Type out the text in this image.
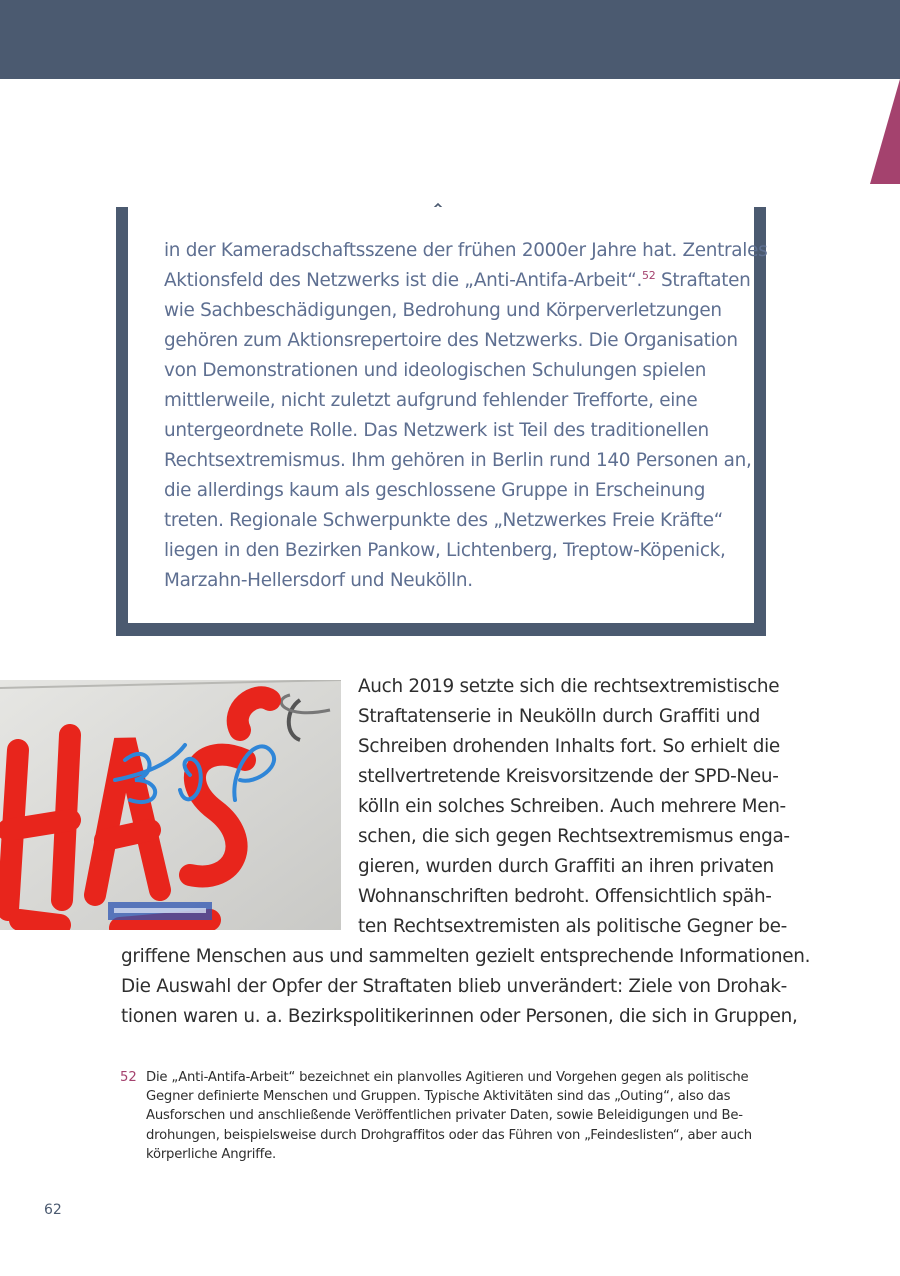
in der Kameradschaftsszene der frühen 2000er Jahre hat. Zentrales
Aktionsfeld des Netzwerks ist die „Anti-Antifa-Arbeit“.$^{52}$ Straftaten
wie Sachbeschädigungen, Bedrohung und Körperverletzungen
gehören zum Aktionsrepertoire des Netzwerks. Die Organisation
von Demonstrationen und ideologischen Schulungen spielen
mittlerweile, nicht zuletzt aufgrund fehlender Trefforte, eine
untergeordnete Rolle. Das Netzwerk ist Teil des traditionellen
Rechtsextremismus. Ihm gehören in Berlin rund 140 Personen an,
die allerdings kaum als geschlossene Gruppe in Erscheinung
treten. Regionale Schwerpunkte des „Netzwerkes Freie Kräfte“
liegen in den Bezirken Pankow, Lichtenberg, Treptow-Köpenick,
Marzahn-Hellersdorf und Neukölln.

Auch 2019 setzte sich die rechtsextremistische
Straftatenserie in Neukölln durch Graffiti und
Schreiben drohenden Inhalts fort. So erhielt die
stellvertretende Kreisvorsitzende der SPD-Neu-
kölln ein solches Schreiben. Auch mehrere Men-
schen, die sich gegen Rechtsextremismus enga-
gieren, wurden durch Graffiti an ihren privaten
Wohnanschriften bedroht. Offensichtlich späh-
ten Rechtsextremisten als politische Gegner be-

griffene Menschen aus und sammelten gezielt entsprechende Informationen.
Die Auswahl der Opfer der Straftaten blieb unverändert: Ziele von Drohak-
tionen waren u. a. Bezirkspolitikerinnen oder Personen, die sich in Gruppen,

52 Die „Anti-Antifa-Arbeit“ bezeichnet ein planvolles Agitieren und Vorgehen gegen als politische
Gegner definierte Menschen und Gruppen. Typische Aktivitäten sind das „Outing“, also das
Ausforschen und anschließende Veröffentlichen privater Daten, sowie Beleidigungen und Be-
drohungen, beispielsweise durch Drohgraffitos oder das Führen von „Feindeslisten“, aber auch
körperliche Angriffe.

62
